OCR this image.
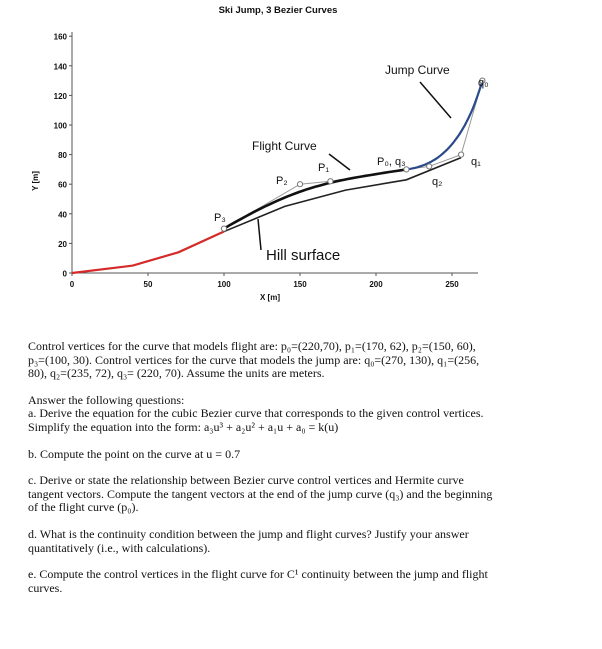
Ski Jump, 3 Bezier Curves
0
20
40
60
80
100
120
140
160
0	50	100	150	200	250
X [m]
Y [m]
Jump Curve
Flight Curve
Hill surface
q₀
q₁
q₂
P₀, q₃
P₁
P₂
P₃

Control vertices for the curve that models flight are: p₀=(220,70), p₁=(170, 62), p₂=(150, 60),
p₃=(100, 30). Control vertices for the curve that models the jump are: q₀=(270, 130), q₁=(256,
80), q₂=(235, 72), q₃= (220, 70). Assume the units are meters.

Answer the following questions:
a. Derive the equation for the cubic Bezier curve that corresponds to the given control vertices.
Simplify the equation into the form: a₃u³ + a₂u² + a₁u + a₀ = k(u)

b. Compute the point on the curve at u = 0.7

c. Derive or state the relationship between Bezier curve control vertices and Hermite curve
tangent vectors. Compute the tangent vectors at the end of the jump curve (q₃) and the beginning
of the flight curve (p₀).

d. What is the continuity condition between the jump and flight curves? Justify your answer
quantitatively (i.e., with calculations).

e. Compute the control vertices in the flight curve for C¹ continuity between the jump and flight
curves.
